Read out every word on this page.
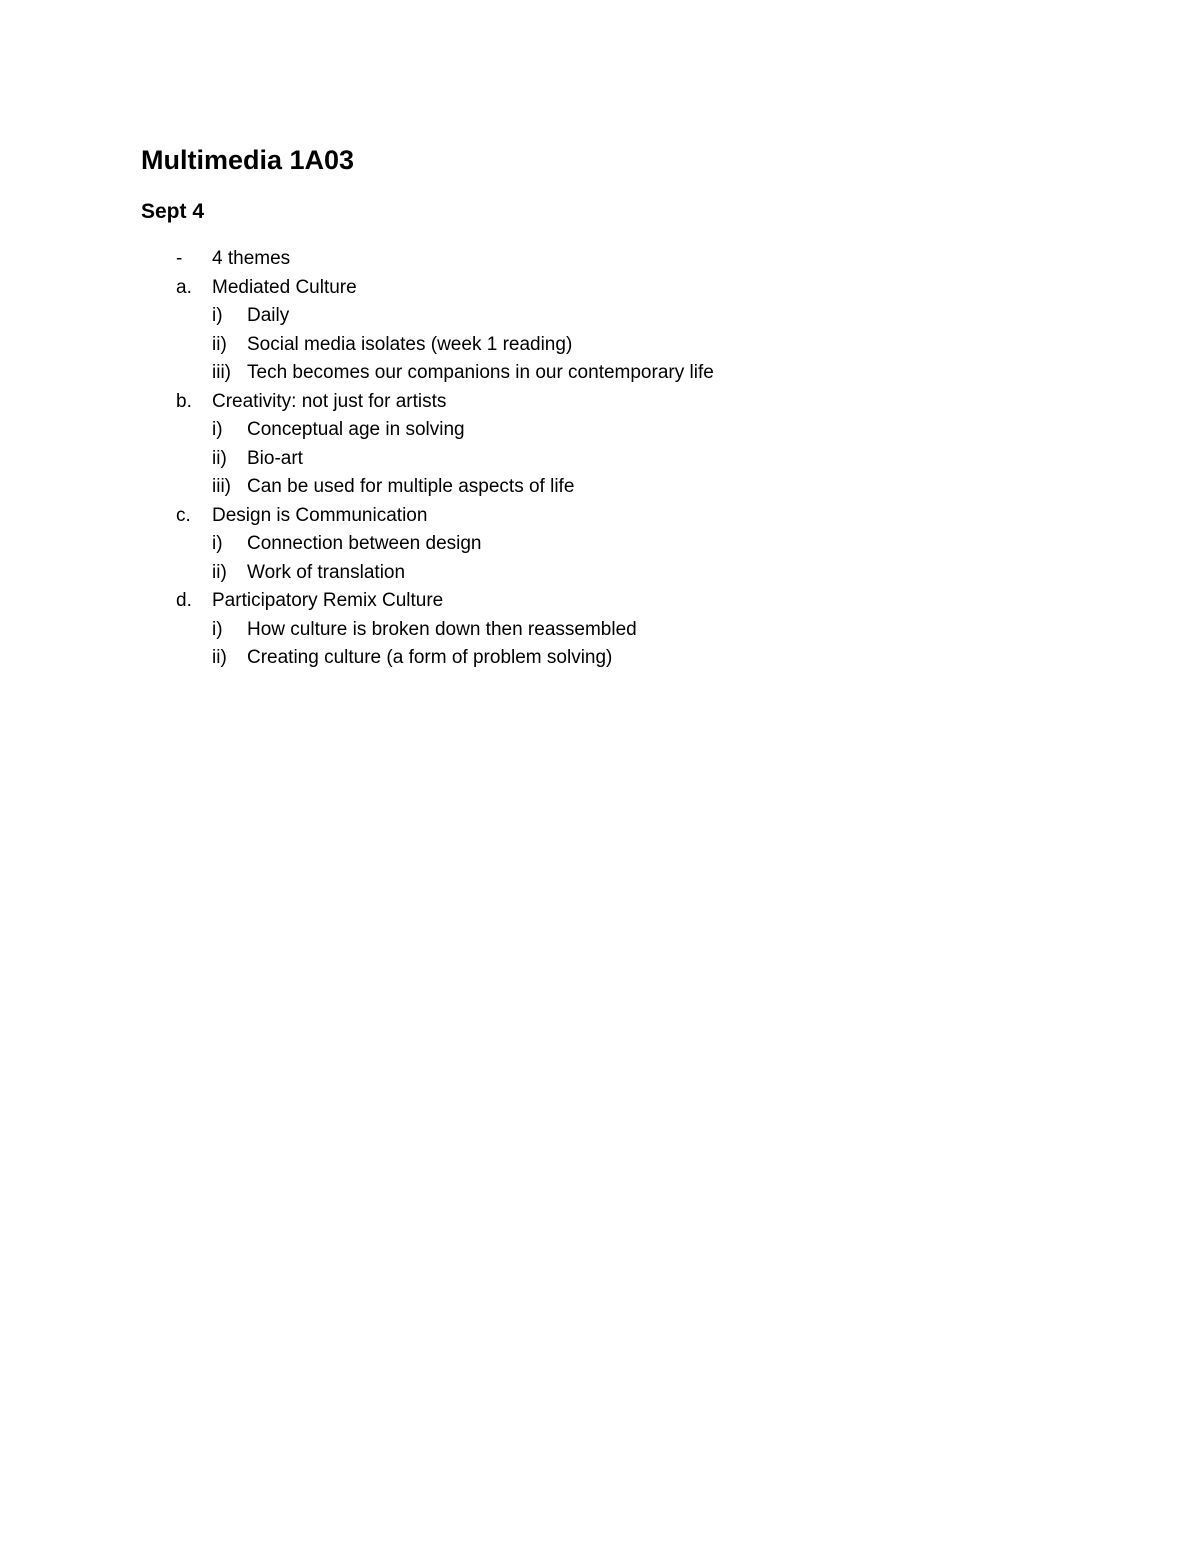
Multimedia 1A03
Sept 4
- 4 themes
a. Mediated Culture
i) Daily
ii) Social media isolates (week 1 reading)
iii) Tech becomes our companions in our contemporary life
b. Creativity: not just for artists
i) Conceptual age in solving
ii) Bio-art
iii) Can be used for multiple aspects of life
c. Design is Communication
i) Connection between design
ii) Work of translation
d. Participatory Remix Culture
i) How culture is broken down then reassembled
ii) Creating culture (a form of problem solving)
